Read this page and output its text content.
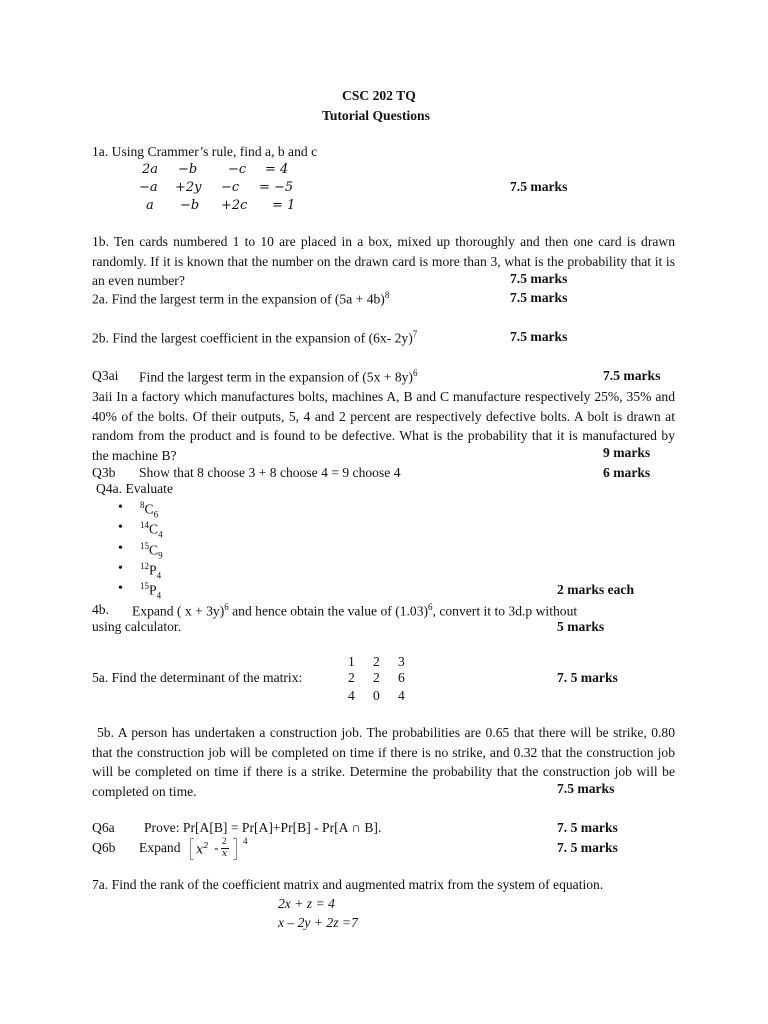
CSC 202 TQ
Tutorial Questions
1a. Using Crammer’s rule, find a, b and c
2a −b −c = 4
−a +2y −c = −5
a −b +2c = 1
7.5 marks
1b. Ten cards numbered 1 to 10 are placed in a box, mixed up thoroughly and then one card is drawn randomly. If it is known that the number on the drawn card is more than 3, what is the probability that it is an even number?	7.5 marks
2a. Find the largest term in the expansion of $(5a + 4b)^8$	7.5 marks
2b. Find the largest coefficient in the expansion of (6x- 2y)$^7$	7.5 marks
Q3ai Find the largest term in the expansion of $(5x + 8y)^6$	7.5 marks
3aii In a factory which manufactures bolts, machines A, B and C manufacture respectively 25%, 35% and 40% of the bolts. Of their outputs, 5, 4 and 2 percent are respectively defective bolts. A bolt is drawn at random from the product and is found to be defective. What is the probability that it is manufactured by the machine B?	9 marks
Q3b Show that 8 choose 3 + 8 choose 4 = 9 choose 4	6 marks
Q4a. Evaluate
• $^8C_6$
• $^{14}C_4$
• $^{15}C_9$
• $^{12}P_4$
• $^{15}P_4$	2 marks each
4b. Expand ( x + 3y)$^6$ and hence obtain the value of $(1.03)^6$, convert it to 3d.p without
using calculator.	5 marks
5a. Find the determinant of the matrix:
1 2 3
2 2 6
4 0 4
7. 5 marks
5b. A person has undertaken a construction job. The probabilities are 0.65 that there will be strike, 0.80 that the construction job will be completed on time if there is no strike, and 0.32 that the construction job will be completed on time if there is a strike. Determine the probability that the construction job will be completed on time.	7.5 marks
Q6a Prove: Pr[A[B] = Pr[A]+Pr[B] - Pr[A ∩ B].	7. 5 marks
Q6b Expand $x^2 - 2$
x
4	7. 5 marks
7a. Find the rank of the coefficient matrix and augmented matrix from the system of equation.
2x + z = 4
x – 2y + 2z =7
